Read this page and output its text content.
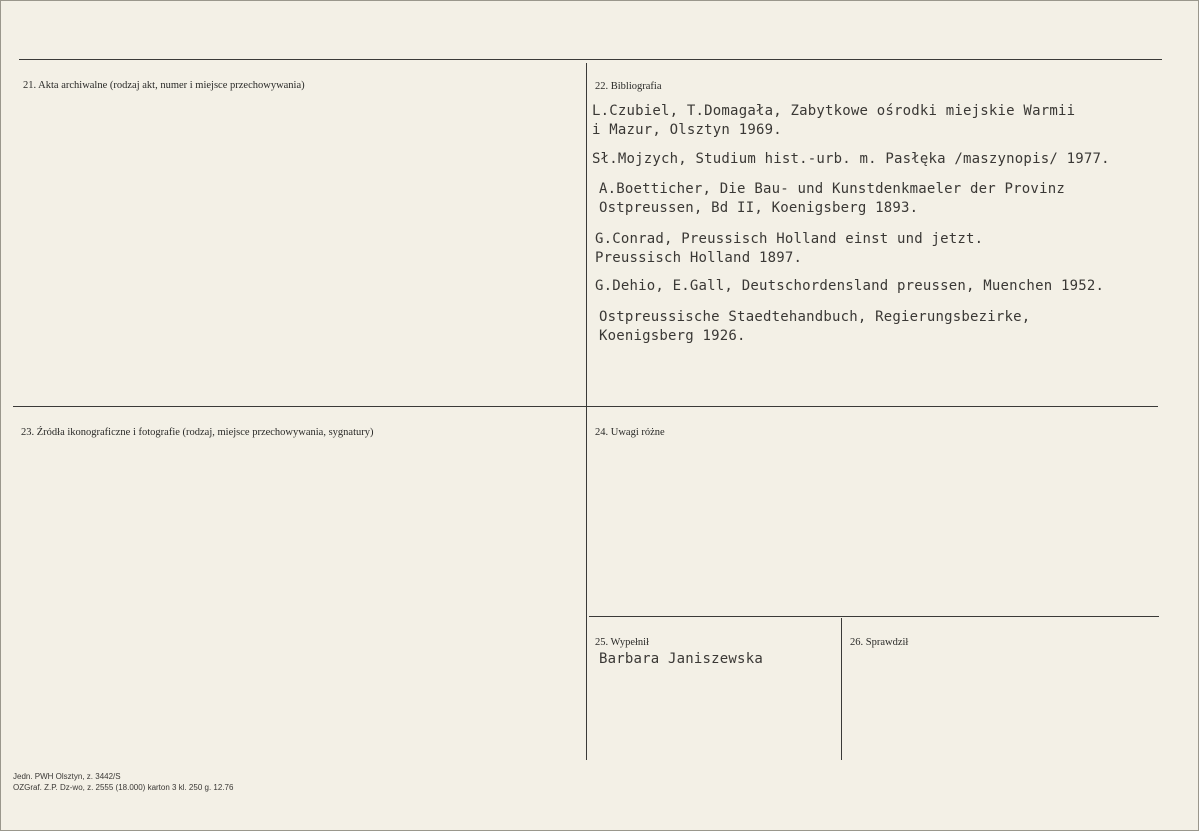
21. Akta archiwalne (rodzaj akt, numer i miejsce przechowywania)	22. Bibliografia
23. Źródła ikonograficzne i fotografie (rodzaj, miejsce przechowywania, sygnatury)	24. Uwagi różne
25. Wypełnił	26. Sprawdził
L.Czubiel, T.Domagała, Zabytkowe ośrodki miejskie Warmii
i Mazur, Olsztyn 1969.
Sł.Mojzych, Studium hist.-urb. m. Pasłęka /maszynopis/ 1977.
A.Boetticher, Die Bau- und Kunstdenkmaeler der Provinz
Ostpreussen, Bd II, Koenigsberg 1893.
G.Conrad, Preussisch Holland einst und jetzt.
Preussisch Holland 1897.
G.Dehio, E.Gall, Deutschordensland preussen, Muenchen 1952.
Ostpreussische Staedtehandbuch, Regierungsbezirke,
Koenigsberg 1926.
Barbara Janiszewska
Jedn. PWH Olsztyn, z. 3442/S
OZGraf. Z.P. Dz-wo, z. 2555 (18.000) karton 3 kl. 250 g. 12.76
